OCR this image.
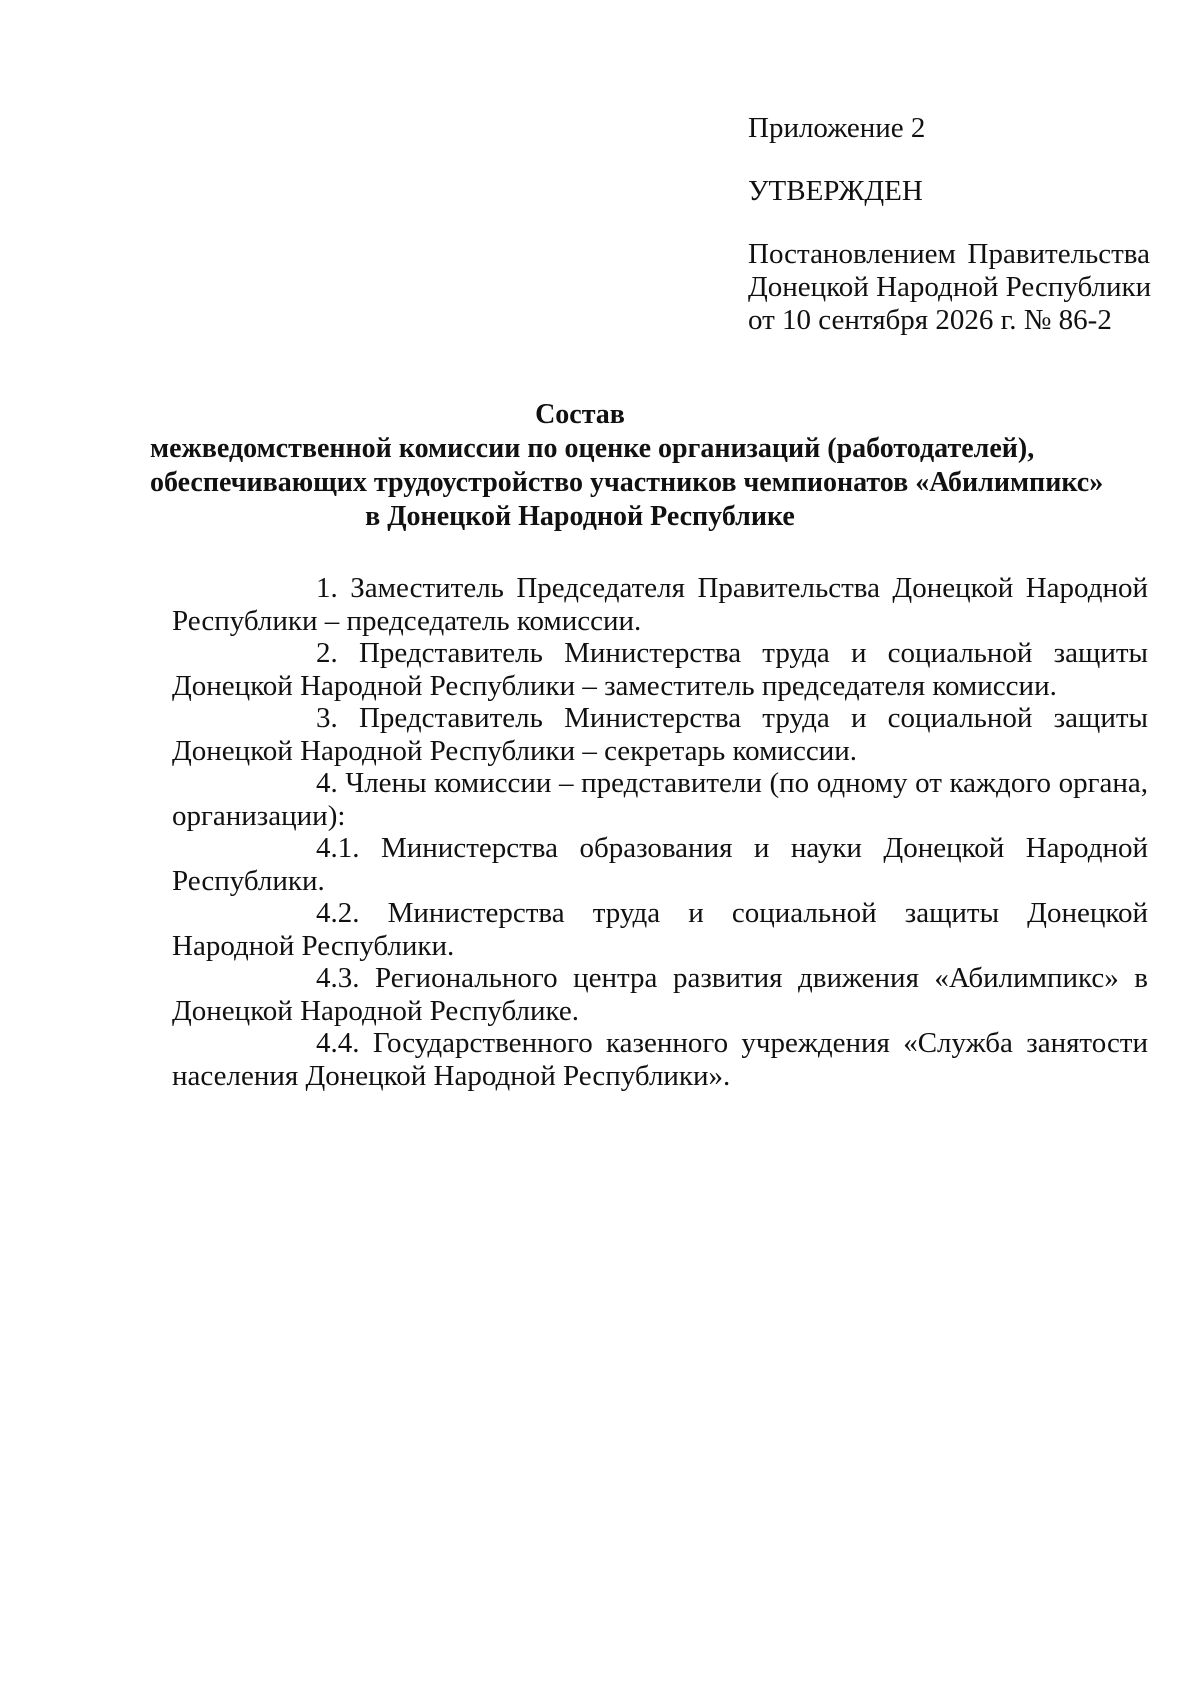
Приложение 2
УТВЕРЖДЕН
Постановлением Правительства
Донецкой Народной Республики
от 10 сентября 2026 г. № 86-2
Состав
межведомственной комиссии по оценке организаций (работодателей),
обеспечивающих трудоустройство участников чемпионатов «Абилимпикс»
в Донецкой Народной Республике

1. Заместитель Председателя Правительства Донецкой Народной Республики – председатель комиссии.

2. Представитель Министерства труда и социальной защиты Донецкой Народной Республики – заместитель председателя комиссии.

3. Представитель Министерства труда и социальной защиты Донецкой Народной Республики – секретарь комиссии.

4. Члены комиссии – представители (по одному от каждого органа, организации):

4.1. Министерства образования и науки Донецкой Народной Республики.

4.2. Министерства труда и социальной защиты Донецкой Народной Республики.

4.3. Регионального центра развития движения «Абилимпикс» в Донецкой Народной Республике.

4.4. Государственного казенного учреждения «Служба занятости населения Донецкой Народной Республики».
